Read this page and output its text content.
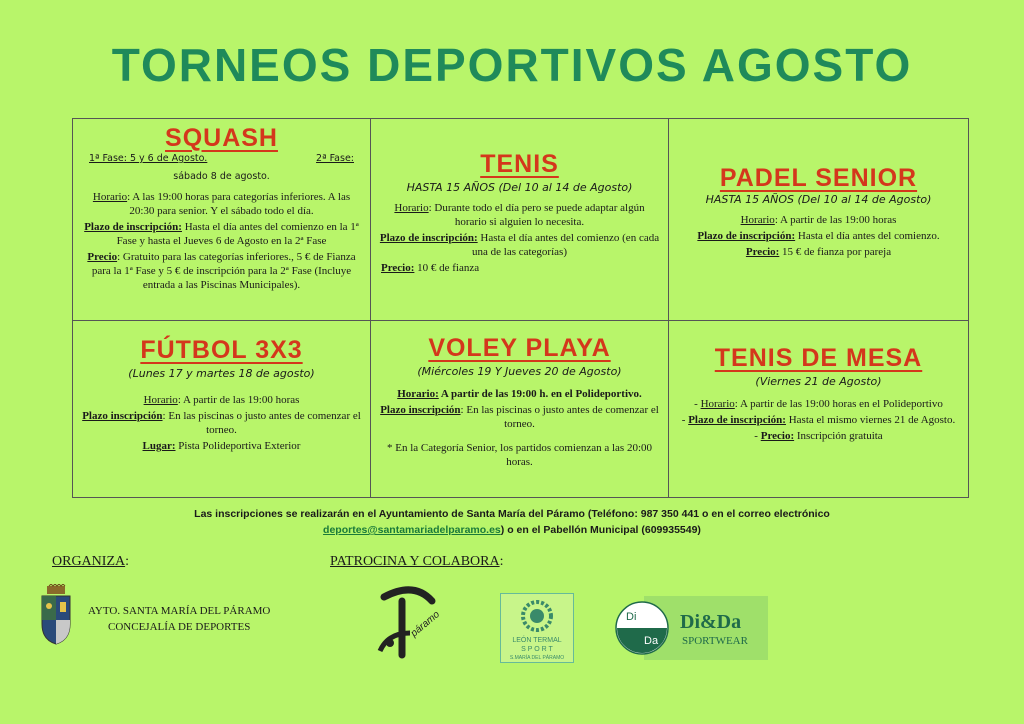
TORNEOS DEPORTIVOS AGOSTO
SQUASH
1ª Fase: 5 y 6 de Agosto.	2ª Fase:
sábado 8 de agosto.

Horario: A las 19:00 horas para categorías inferiores. A las 20:30 para senior. Y el sábado todo el día.

Plazo de inscripción: Hasta el día antes del comienzo en la 1ª Fase y hasta el Jueves 6 de Agosto en la 2ª Fase

Precio: Gratuito para las categorías inferiores., 5 € de Fianza para la 1ª Fase y 5 € de inscripción para la 2ª Fase (Incluye entrada a las Piscinas Municipales).

TENIS
HASTA 15 AÑOS (Del 10 al 14 de Agosto)

Horario: Durante todo el día pero se puede adaptar algún horario si alguien lo necesita.

Plazo de inscripción: Hasta el día antes del comienzo (en cada una de las categorías)

Precio: 10 € de fianza

PADEL SENIOR
HASTA 15 AÑOS (Del 10 al 14 de Agosto)

Horario: A partir de las 19:00 horas

Plazo de inscripción: Hasta el día antes del comienzo.

Precio: 15 € de fianza por pareja

FÚTBOL 3X3
(Lunes 17 y martes 18 de agosto)

Horario: A partir de las 19:00 horas

Plazo inscripción: En las piscinas o justo antes de comenzar el torneo.

Lugar: Pista Polideportiva Exterior

VOLEY PLAYA
(Miércoles 19 Y Jueves 20 de Agosto)

Horario: A partir de las 19:00 h. en el Polideportivo.

Plazo inscripción: En las piscinas o justo antes de comenzar el torneo.

* En la Categoría Senior, los partidos comienzan a las 20:00 horas.

TENIS DE MESA
(Viernes 21 de Agosto)

- Horario: A partir de las 19:00 horas en el Polideportivo

- Plazo de inscripción: Hasta el mismo viernes 21 de Agosto.

- Precio: Inscripción gratuita

Las inscripciones se realizarán en el Ayuntamiento de Santa María del Páramo (Teléfono: 987 350 441 o en el correo electrónico
deportes@santamariadelparamo.es) o en el Pabellón Municipal (609935549)
ORGANIZA:
AYTO. SANTA MARÍA DEL PÁRAMO
CONCEJALÍA DE DEPORTES
PATROCINA Y COLABORA:
páramo
LEÓN TERMAL
S P O R T
S.MARÍA DEL PÁRAMO
Di
Da
Di&Da
SPORTWEAR
